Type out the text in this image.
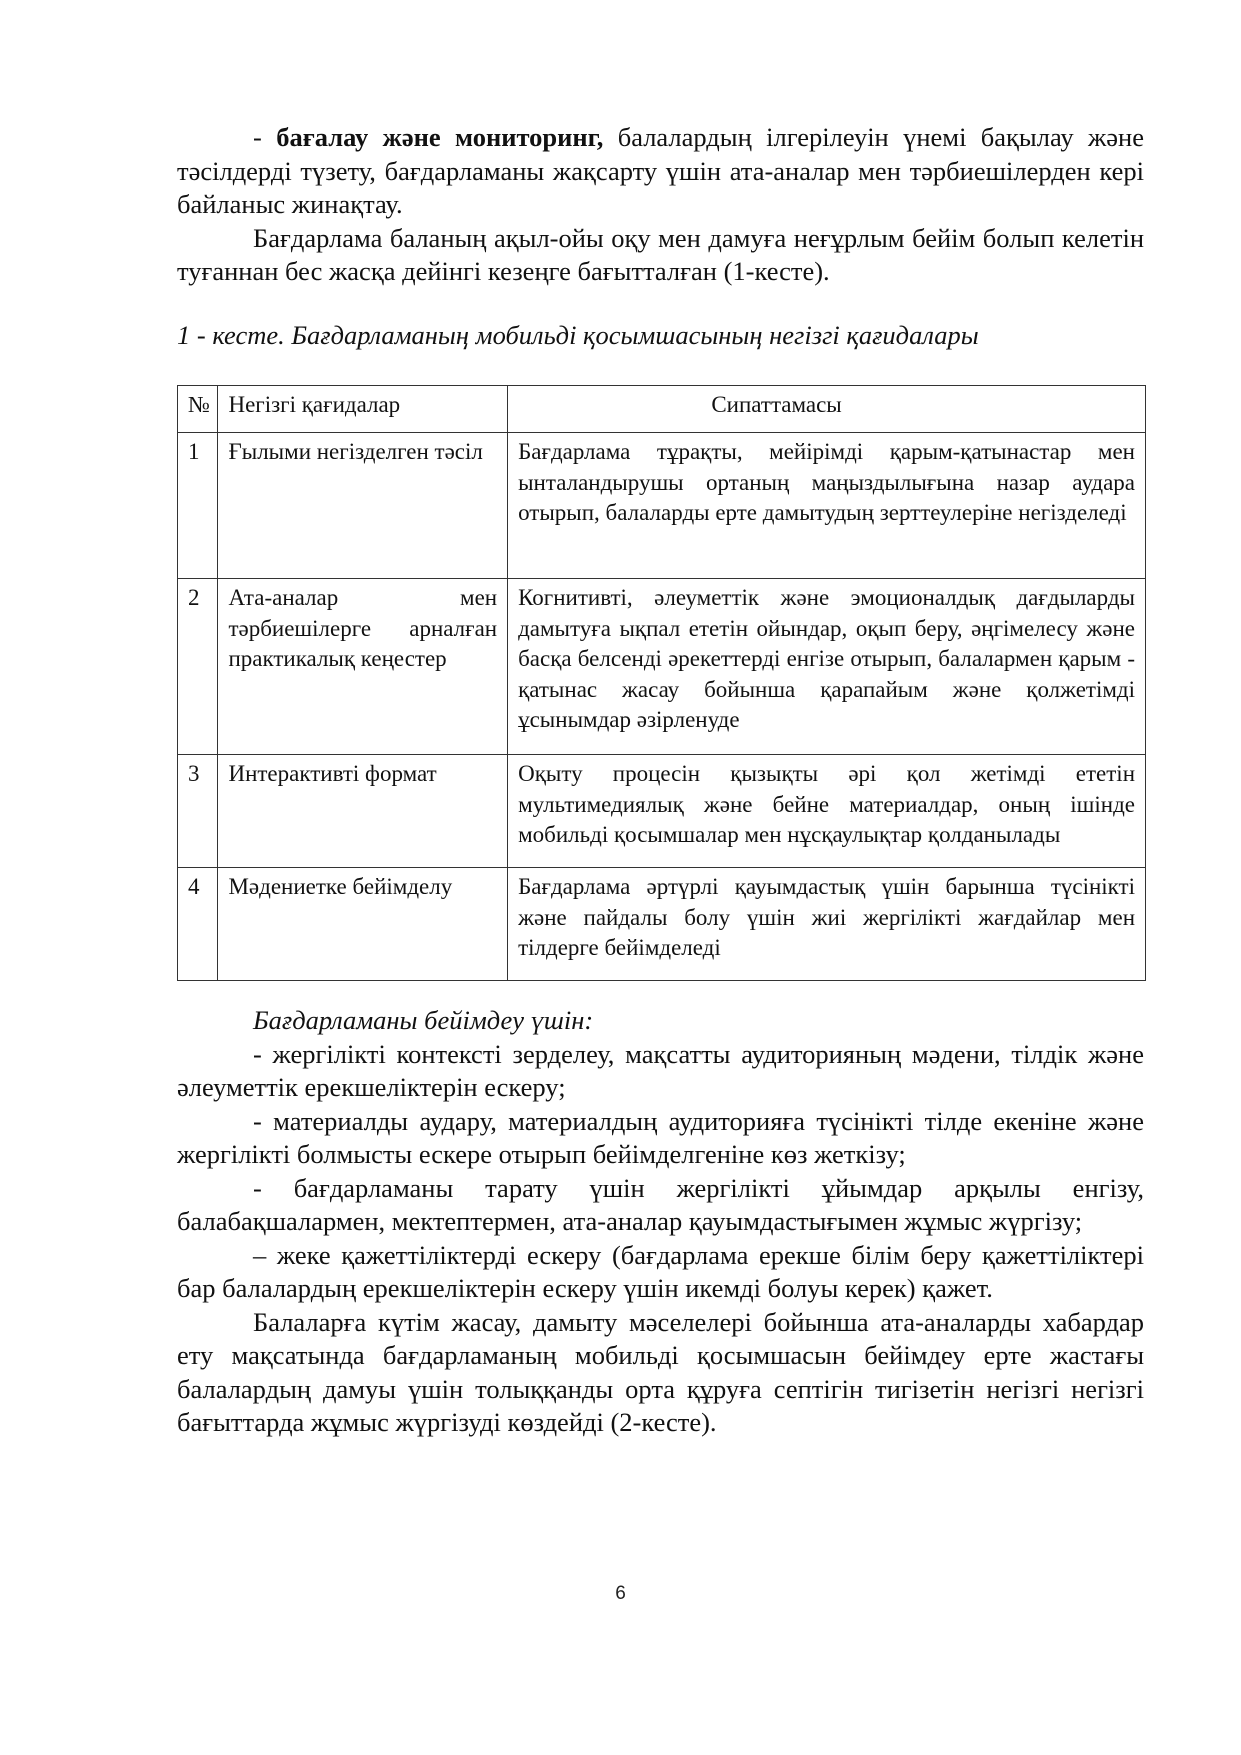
- бағалау және мониторинг, балалардың ілгерілеуін үнемі бақылау және тәсілдерді түзету, бағдарламаны жақсарту үшін ата-аналар мен тәрбиешілерден кері байланыс жинақтау.

Бағдарлама баланың ақыл-ойы оқу мен дамуға неғұрлым бейім болып келетін туғаннан бес жасқа дейінгі кезеңге бағытталған (1-кесте).

1 - кесте. Бағдарламаның мобильді қосымшасының негізгі қағидалары

№	Негізгі қағидалар	Сипаттамасы
1	Ғылыми негізделген тәсіл	Бағдарлама тұрақты, мейірімді қарым-қатынастар мен ынталандырушы ортаның маңыздылығына назар аудара отырып, балаларды ерте дамытудың зерттеулеріне негізделеді
2	Ата-аналар мен тәрбиешілерге арналған практикалық кеңестер	Когнитивті, әлеуметтік және эмоционалдық дағдыларды дамытуға ықпал ететін ойындар, оқып беру, әңгімелесу және басқа белсенді әрекеттерді енгізе отырып, балалармен қарым - қатынас жасау бойынша қарапайым және қолжетімді ұсынымдар әзірленуде
3	Интерактивті формат	Оқыту процесін қызықты әрі қол жетімді ететін мультимедиялық және бейне материалдар, оның ішінде мобильді қосымшалар мен нұсқаулықтар қолданылады
4	Мәдениетке бейімделу	Бағдарлама әртүрлі қауымдастық үшін барынша түсінікті және пайдалы болу үшін жиі жергілікті жағдайлар мен тілдерге бейімделеді

Бағдарламаны бейімдеу үшін:

- жергілікті контексті зерделеу, мақсатты аудиторияның мәдени, тілдік және әлеуметтік ерекшеліктерін ескеру;

- материалды аудару, материалдың аудиторияға түсінікті тілде екеніне және жергілікті болмысты ескере отырып бейімделгеніне көз жеткізу;

- бағдарламаны тарату үшін жергілікті ұйымдар арқылы енгізу, балабақшалармен, мектептермен, ата-аналар қауымдастығымен жұмыс жүргізу;

– жеке қажеттіліктерді ескеру (бағдарлама ерекше білім беру қажеттіліктері бар балалардың ерекшеліктерін ескеру үшін икемді болуы керек) қажет.

Балаларға күтім жасау, дамыту мәселелері бойынша ата-аналарды хабардар ету мақсатында бағдарламаның мобильді қосымшасын бейімдеу ерте жастағы балалардың дамуы үшін толыққанды орта құруға септігін тигізетін негізгі негізгі бағыттарда жұмыс жүргізуді көздейді (2-кесте).

6
